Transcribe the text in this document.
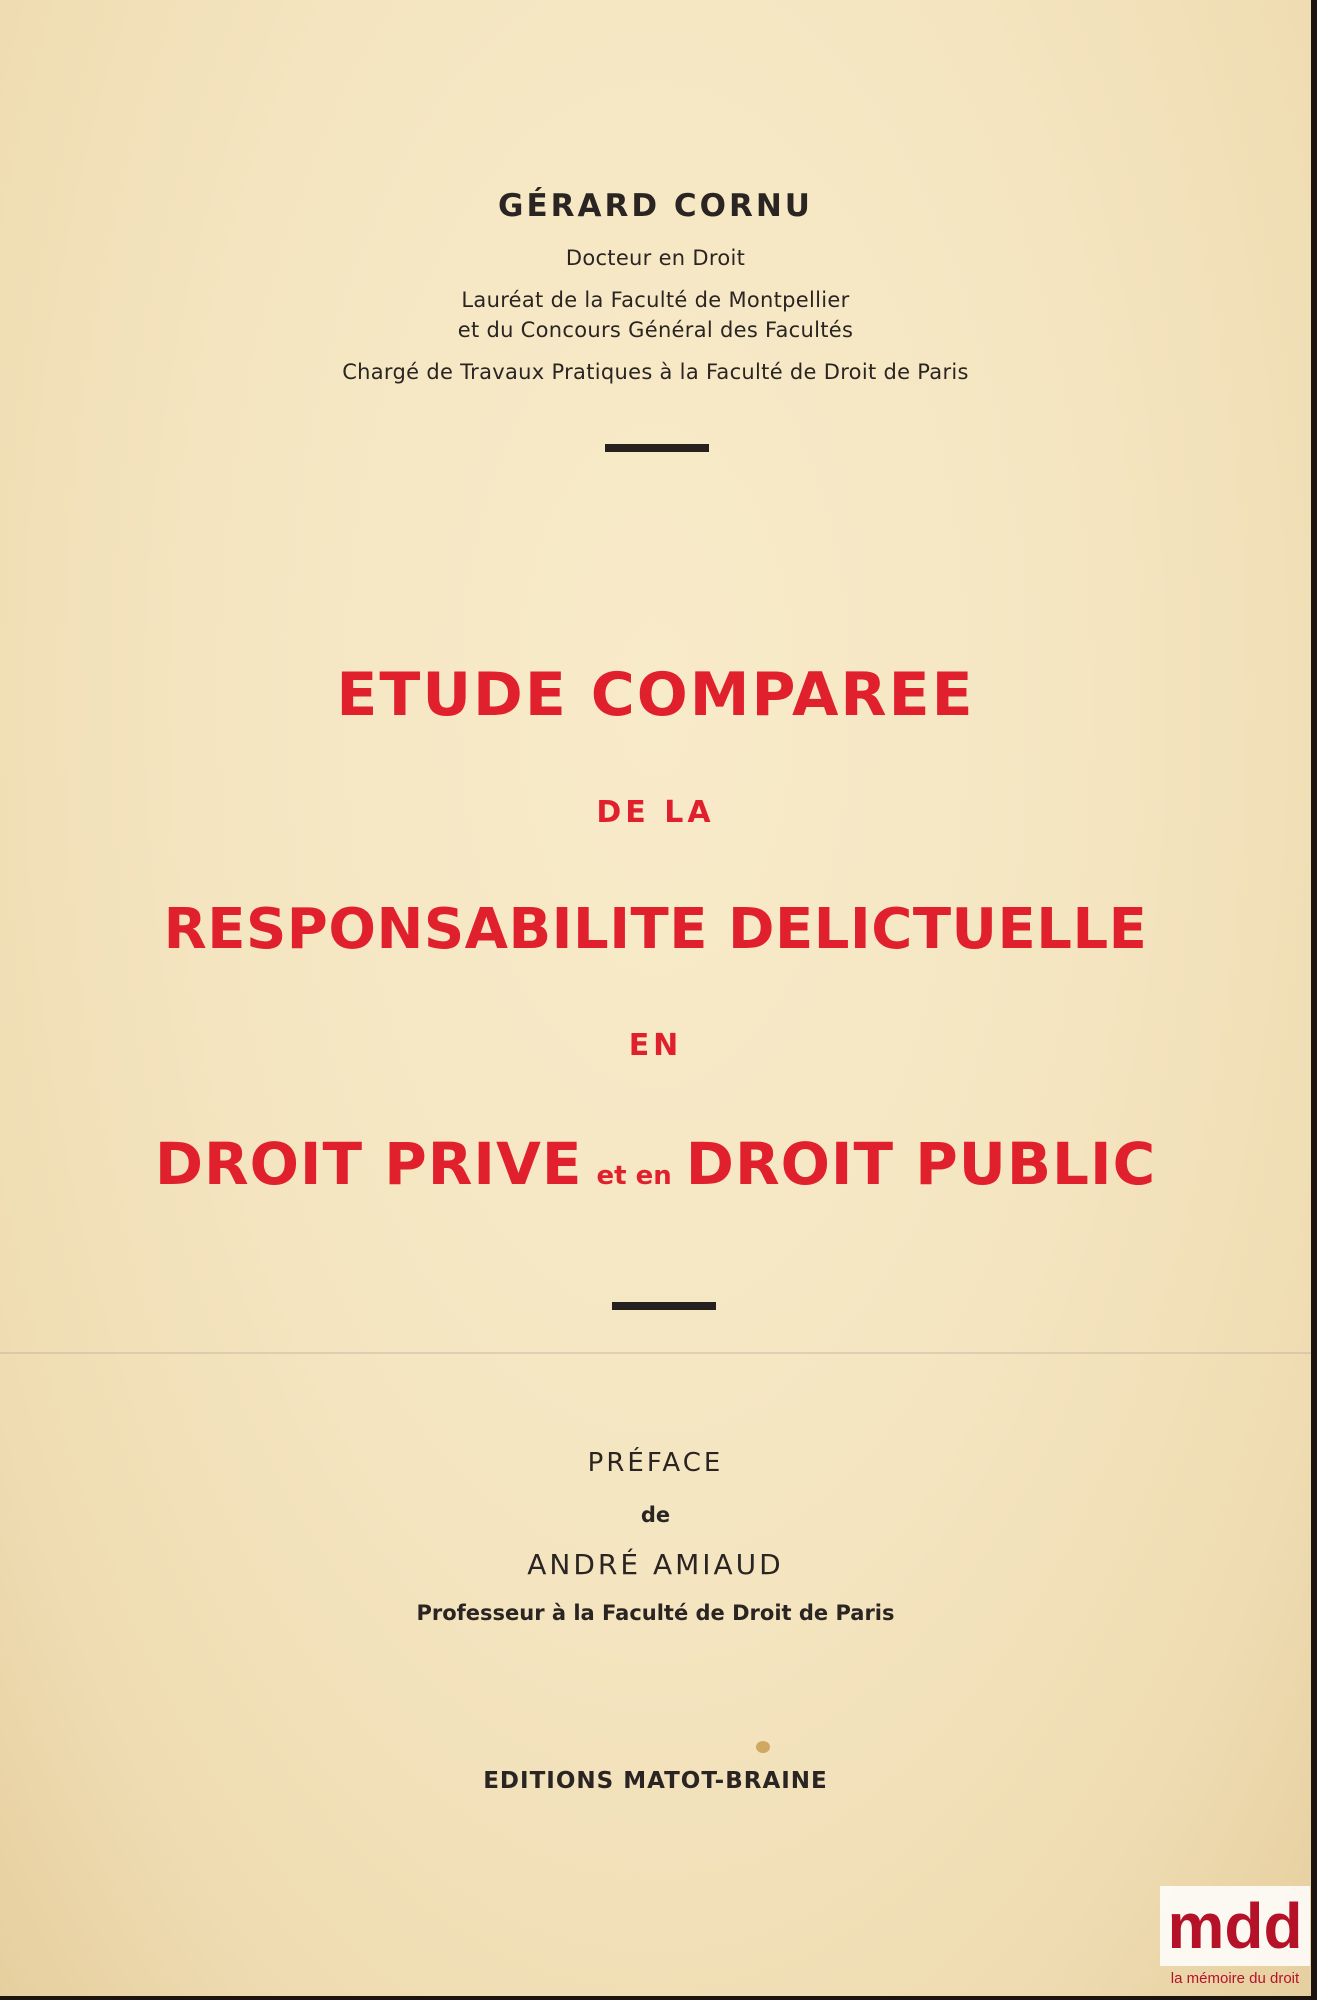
GÉRARD CORNU
Docteur en Droit
Lauréat de la Faculté de Montpellier
et du Concours Général des Facultés
Chargé de Travaux Pratiques à la Faculté de Droit de Paris
ETUDE COMPAREE
DE LA
RESPONSABILITE DELICTUELLE
EN
DROIT PRIVE et en DROIT PUBLIC
PRÉFACE
de
ANDRÉ AMIAUD
Professeur à la Faculté de Droit de Paris
EDITIONS MATOT-BRAINE
mdd
la mémoire du droit
